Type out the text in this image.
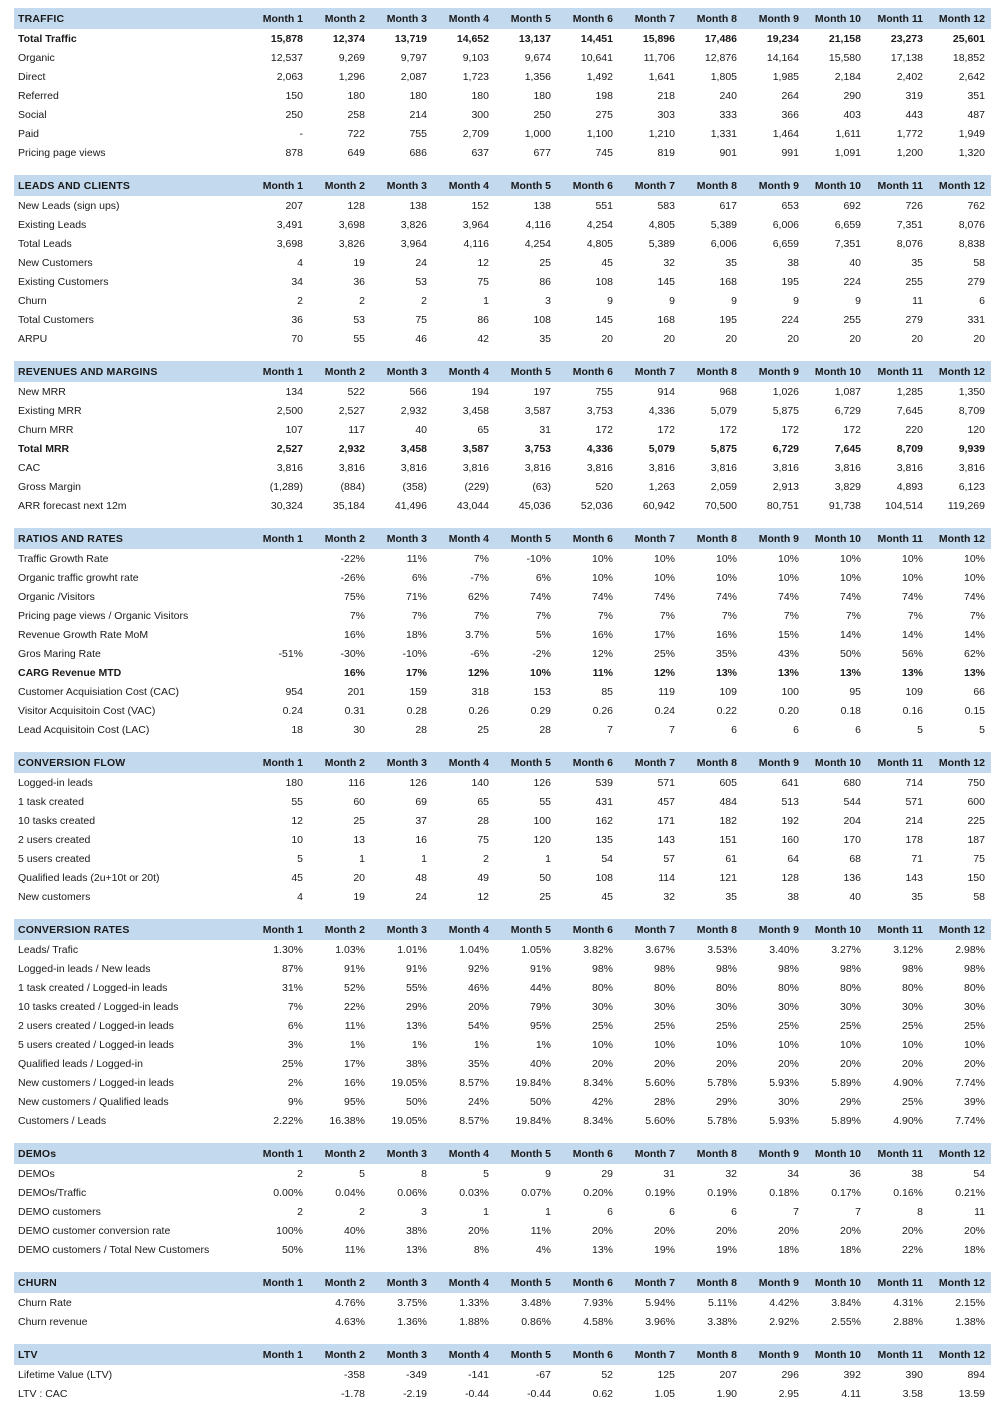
TRAFFIC	Month 1	Month 2	Month 3	Month 4	Month 5	Month 6	Month 7	Month 8	Month 9	Month 10	Month 11	Month 12
Total Traffic	15,878	12,374	13,719	14,652	13,137	14,451	15,896	17,486	19,234	21,158	23,273	25,601
Organic	12,537	9,269	9,797	9,103	9,674	10,641	11,706	12,876	14,164	15,580	17,138	18,852
Direct	2,063	1,296	2,087	1,723	1,356	1,492	1,641	1,805	1,985	2,184	2,402	2,642
Referred	150	180	180	180	180	198	218	240	264	290	319	351
Social	250	258	214	300	250	275	303	333	366	403	443	487
Paid	-	722	755	2,709	1,000	1,100	1,210	1,331	1,464	1,611	1,772	1,949
Pricing page views	878	649	686	637	677	745	819	901	991	1,091	1,200	1,320

LEADS AND CLIENTS	Month 1	Month 2	Month 3	Month 4	Month 5	Month 6	Month 7	Month 8	Month 9	Month 10	Month 11	Month 12
New Leads (sign ups)	207	128	138	152	138	551	583	617	653	692	726	762
Existing Leads	3,491	3,698	3,826	3,964	4,116	4,254	4,805	5,389	6,006	6,659	7,351	8,076
Total Leads	3,698	3,826	3,964	4,116	4,254	4,805	5,389	6,006	6,659	7,351	8,076	8,838
New Customers	4	19	24	12	25	45	32	35	38	40	35	58
Existing Customers	34	36	53	75	86	108	145	168	195	224	255	279
Churn	2	2	2	1	3	9	9	9	9	9	11	6
Total Customers	36	53	75	86	108	145	168	195	224	255	279	331
ARPU	70	55	46	42	35	20	20	20	20	20	20	20

REVENUES AND MARGINS	Month 1	Month 2	Month 3	Month 4	Month 5	Month 6	Month 7	Month 8	Month 9	Month 10	Month 11	Month 12
New MRR	134	522	566	194	197	755	914	968	1,026	1,087	1,285	1,350
Existing MRR	2,500	2,527	2,932	3,458	3,587	3,753	4,336	5,079	5,875	6,729	7,645	8,709
Churn MRR	107	117	40	65	31	172	172	172	172	172	220	120
Total MRR	2,527	2,932	3,458	3,587	3,753	4,336	5,079	5,875	6,729	7,645	8,709	9,939
CAC	3,816	3,816	3,816	3,816	3,816	3,816	3,816	3,816	3,816	3,816	3,816	3,816
Gross Margin	(1,289)	(884)	(358)	(229)	(63)	520	1,263	2,059	2,913	3,829	4,893	6,123
ARR forecast next 12m	30,324	35,184	41,496	43,044	45,036	52,036	60,942	70,500	80,751	91,738	104,514	119,269

RATIOS AND RATES	Month 1	Month 2	Month 3	Month 4	Month 5	Month 6	Month 7	Month 8	Month 9	Month 10	Month 11	Month 12
Traffic Growth Rate		-22%	11%	7%	-10%	10%	10%	10%	10%	10%	10%	10%
Organic traffic growht rate		-26%	6%	-7%	6%	10%	10%	10%	10%	10%	10%	10%
Organic /Visitors		75%	71%	62%	74%	74%	74%	74%	74%	74%	74%	74%
Pricing page views / Organic Visitors		7%	7%	7%	7%	7%	7%	7%	7%	7%	7%	7%
Revenue Growth Rate MoM		16%	18%	3.7%	5%	16%	17%	16%	15%	14%	14%	14%
Gros Maring Rate	-51%	-30%	-10%	-6%	-2%	12%	25%	35%	43%	50%	56%	62%
CARG Revenue MTD		16%	17%	12%	10%	11%	12%	13%	13%	13%	13%	13%
Customer Acquisiation Cost (CAC)	954	201	159	318	153	85	119	109	100	95	109	66
Visitor Acquisitoin Cost (VAC)	0.24	0.31	0.28	0.26	0.29	0.26	0.24	0.22	0.20	0.18	0.16	0.15
Lead Acquisitoin Cost (LAC)	18	30	28	25	28	7	7	6	6	6	5	5

CONVERSION FLOW	Month 1	Month 2	Month 3	Month 4	Month 5	Month 6	Month 7	Month 8	Month 9	Month 10	Month 11	Month 12
Logged-in leads	180	116	126	140	126	539	571	605	641	680	714	750
1 task created	55	60	69	65	55	431	457	484	513	544	571	600
10 tasks created	12	25	37	28	100	162	171	182	192	204	214	225
2 users created	10	13	16	75	120	135	143	151	160	170	178	187
5 users created	5	1	1	2	1	54	57	61	64	68	71	75
Qualified leads (2u+10t or 20t)	45	20	48	49	50	108	114	121	128	136	143	150
New customers	4	19	24	12	25	45	32	35	38	40	35	58

CONVERSION RATES	Month 1	Month 2	Month 3	Month 4	Month 5	Month 6	Month 7	Month 8	Month 9	Month 10	Month 11	Month 12
Leads/ Trafic	1.30%	1.03%	1.01%	1.04%	1.05%	3.82%	3.67%	3.53%	3.40%	3.27%	3.12%	2.98%
Logged-in leads / New leads	87%	91%	91%	92%	91%	98%	98%	98%	98%	98%	98%	98%
1 task created / Logged-in leads	31%	52%	55%	46%	44%	80%	80%	80%	80%	80%	80%	80%
10 tasks created / Logged-in leads	7%	22%	29%	20%	79%	30%	30%	30%	30%	30%	30%	30%
2 users created / Logged-in leads	6%	11%	13%	54%	95%	25%	25%	25%	25%	25%	25%	25%
5 users created / Logged-in leads	3%	1%	1%	1%	1%	10%	10%	10%	10%	10%	10%	10%
Qualified leads / Logged-in	25%	17%	38%	35%	40%	20%	20%	20%	20%	20%	20%	20%
New customers / Logged-in leads	2%	16%	19.05%	8.57%	19.84%	8.34%	5.60%	5.78%	5.93%	5.89%	4.90%	7.74%
New customers / Qualified leads	9%	95%	50%	24%	50%	42%	28%	29%	30%	29%	25%	39%
Customers / Leads	2.22%	16.38%	19.05%	8.57%	19.84%	8.34%	5.60%	5.78%	5.93%	5.89%	4.90%	7.74%

DEMOs	Month 1	Month 2	Month 3	Month 4	Month 5	Month 6	Month 7	Month 8	Month 9	Month 10	Month 11	Month 12
DEMOs	2	5	8	5	9	29	31	32	34	36	38	54
DEMOs/Traffic	0.00%	0.04%	0.06%	0.03%	0.07%	0.20%	0.19%	0.19%	0.18%	0.17%	0.16%	0.21%
DEMO customers	2	2	3	1	1	6	6	6	7	7	8	11
DEMO customer conversion rate	100%	40%	38%	20%	11%	20%	20%	20%	20%	20%	20%	20%
DEMO customers / Total New Customers	50%	11%	13%	8%	4%	13%	19%	19%	18%	18%	22%	18%

CHURN	Month 1	Month 2	Month 3	Month 4	Month 5	Month 6	Month 7	Month 8	Month 9	Month 10	Month 11	Month 12
Churn Rate		4.76%	3.75%	1.33%	3.48%	7.93%	5.94%	5.11%	4.42%	3.84%	4.31%	2.15%
Churn revenue		4.63%	1.36%	1.88%	0.86%	4.58%	3.96%	3.38%	2.92%	2.55%	2.88%	1.38%

LTV	Month 1	Month 2	Month 3	Month 4	Month 5	Month 6	Month 7	Month 8	Month 9	Month 10	Month 11	Month 12
Lifetime Value (LTV)		-358	-349	-141	-67	52	125	207	296	392	390	894
LTV : CAC		-1.78	-2.19	-0.44	-0.44	0.62	1.05	1.90	2.95	4.11	3.58	13.59
